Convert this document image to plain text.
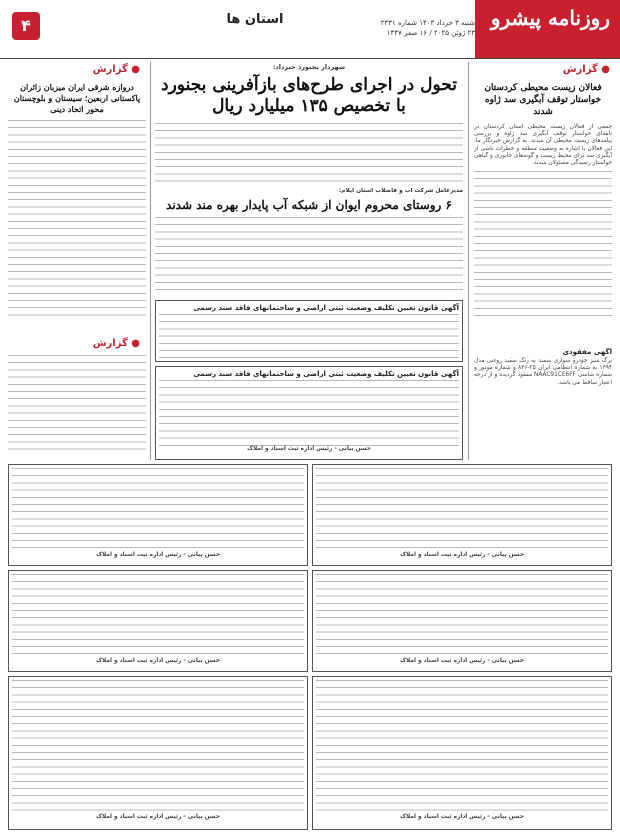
روزنامه پیشرو

شنبه ۳ خرداد ۱۴۰۳ شماره ۲۳۳۱
۲۳ ژوئن ۲۰۲۵ / ۱۶ صفر ۱۴۴۷
استان ها
۴
● گزارش
فعالان زیست محیطی کردستان خواستار توقف آبگیری سد ژاوه شدند
جمعی از فعالان زیست محیطی استان کردستان در نامه‌ای خواستار توقف آبگیری سد ژاوه و بررسی پیامدهای زیست محیطی آن شدند. به گزارش خبرنگار ما، این فعالان با اشاره به وضعیت منطقه و خطرات ناشی از آبگیری سد برای محیط زیست و گونه‌های جانوری و گیاهی خواستار رسیدگی مسئولان شدند.
آگهی مفقودی
برگ سبز خودرو سواری سمند به رنگ سفید روغنی مدل ۱۳۹۴ به شماره انتظامی ایران ۲۵-۸۳۶ و شماره موتور و شماره شاسی NAAC91CE6FF مفقود گردیده و از درجه اعتبار ساقط می باشد.
شهردار بجنورد خبرداد:
تحول در اجرای طرح‌های بازآفرینی بجنورد با تخصیص ۱۳۵ میلیارد ریال
مدیرعامل شرکت آب و فاضلاب استان ایلام:
۶ روستای محروم ایوان از شبکه آب پایدار بهره مند شدند
● گزارش
دروازه شرقی ایران میزبان زائران پاکستانی اربعین؛ سیستان و بلوچستان محور اتحاد دینی
● گزارش
آگهی قانون تعیین تکلیف وضعیت ثبتی اراضی و ساختمانهای فاقد سند رسمی
آگهی قانون تعیین تکلیف وضعیت ثبتی اراضی و ساختمانهای فاقد سند رسمی
حسن بیانی - رئیس اداره ثبت اسناد و املاک
حسن بیانی - رئیس اداره ثبت اسناد و املاک
حسن بیانی - رئیس اداره ثبت اسناد و املاک
حسن بیانی - رئیس اداره ثبت اسناد و املاک
حسن بیانی - رئیس اداره ثبت اسناد و املاک
حسن بیانی - رئیس اداره ثبت اسناد و املاک
حسن بیانی - رئیس اداره ثبت اسناد و املاک
